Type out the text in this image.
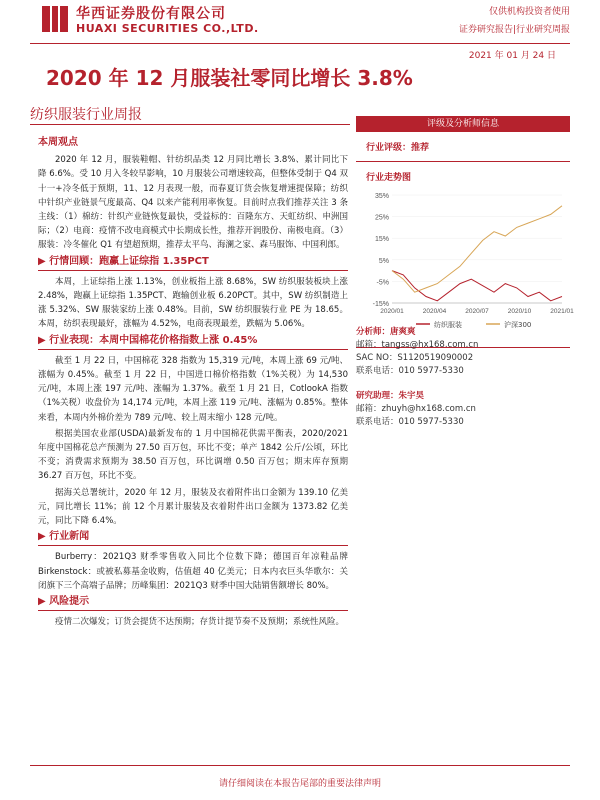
华西证券股份有限公司
HUAXI SECURITIES CO.,LTD.
仅供机构投资者使用
证券研究报告|行业研究周报
2021 年 01 月 24 日
2020 年 12 月服装社零同比增长 3.8%
纺织服装行业周报
本周观点

2020 年 12 月，服装鞋帽、针纺织品类 12 月同比增长 3.8%、累计同比下降 6.6%。受 10 月入冬较早影响，10 月服装公司增速较高，但整体受制于 Q4 双十一+冷冬低于预期，11、12 月表现一般，而春夏订货会恢复增速提保障；纺织中针织产业链景气度最高、Q4 以来产能利用率恢复。目前时点我们推荐关注 3 条主线：（1）棉纺：针织产业链恢复最快，受益标的：百隆东方、天虹纺织、申洲国际；（2）电商：疫情不改电商模式中长期成长性，推荐开润股份、南极电商。（3）服装：冷冬催化 Q1 有望超预期，推荐太平鸟、海澜之家、森马服饰、中国利郎。

▶ 行情回顾：跑赢上证综指 1.35PCT

本周，上证综指上涨 1.13%，创业板指上涨 8.68%，SW 纺织服装板块上涨 2.48%，跑赢上证综指 1.35PCT、跑输创业板 6.20PCT。其中，SW 纺织制造上涨 5.32%、SW 服装家纺上涨 0.48%。目前，SW 纺织服装行业 PE 为 18.65。本周，纺织表现最好，涨幅为 4.52%，电商表现最差，跌幅为 5.06%。

▶ 行业表现：本周中国棉花价格指数上涨 0.45%

截至 1 月 22 日，中国棉花 328 指数为 15,319 元/吨，本周上涨 69 元/吨、涨幅为 0.45%。截至 1 月 22 日，中国进口棉价格指数（1%关税）为 14,530 元/吨，本周上涨 197 元/吨、涨幅为 1.37%。截至 1 月 21 日，CotlookA 指数（1%关税）收盘价为 14,174 元/吨，本周上涨 119 元/吨、涨幅为 0.85%。整体来看，本周内外棉价差为 789 元/吨、较上周末缩小 128 元/吨。

根据美国农业部(USDA)最新发布的 1 月中国棉花供需平衡表，2020/2021 年度中国棉花总产预测为 27.50 百万包，环比不变；单产 1842 公斤/公顷，环比不变；消费需求预期为 38.50 百万包，环比调增 0.50 百万包；期末库存预期 36.27 百万包，环比不变。

据海关总署统计，2020 年 12 月，服装及衣着附件出口金额为 139.10 亿美元，同比增长 11%；前 12 个月累计服装及衣着附件出口金额为 1373.82 亿美元，同比下降 6.4%。

▶ 行业新闻

Burberry：2021Q3 财季零售收入同比个位数下降；德国百年凉鞋品牌 Birkenstock：或被私募基金收购，估值超 40 亿美元；日本内衣巨头华歌尔：关闭旗下三个高端子品牌；历峰集团：2021Q3 财季中国大陆销售额增长 80%。

▶ 风险提示

疫情二次爆发；订货会提货不达预期；存货计提节奏不及预期；系统性风险。

评级及分析师信息
行业评级：推荐
行业走势图
35%
25%
15%
5%
-5%
-15%
2020/01	2020/04	2020/07	2020/10	2021/01
纺织服装	沪深300
分析师：唐爽爽
邮箱：tangss@hx168.com.cn
SAC NO：S1120519090002
联系电话：010 5977-5330
研究助理：朱宇昊
邮箱：zhuyh@hx168.com.cn
联系电话：010 5977-5330
请仔细阅读在本报告尾部的重要法律声明
